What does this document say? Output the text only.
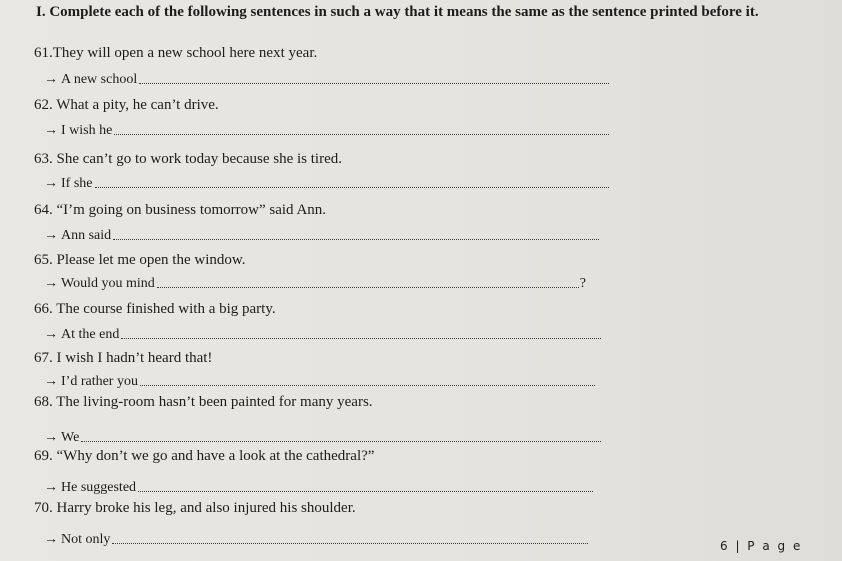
I. Complete each of the following sentences in such a way that it means the same as the sentence printed before it.
61.They will open a new school here next year.
→ A new school
62. What a pity, he can’t drive.
→ I wish he
63. She can’t go to work today because she is tired.
→ If she
64. “I’m going on business tomorrow” said Ann.
→ Ann said
65. Please let me open the window.
→ Would you mind	?
66. The course finished with a big party.
→ At the end
67. I wish I hadn’t heard that!
→ I’d rather you
68. The living-room hasn’t been painted for many years.
→ We
69. “Why don’t we go and have a look at the cathedral?”
→ He suggested
70. Harry broke his leg, and also injured his shoulder.
→ Not only	6 | P a g e
